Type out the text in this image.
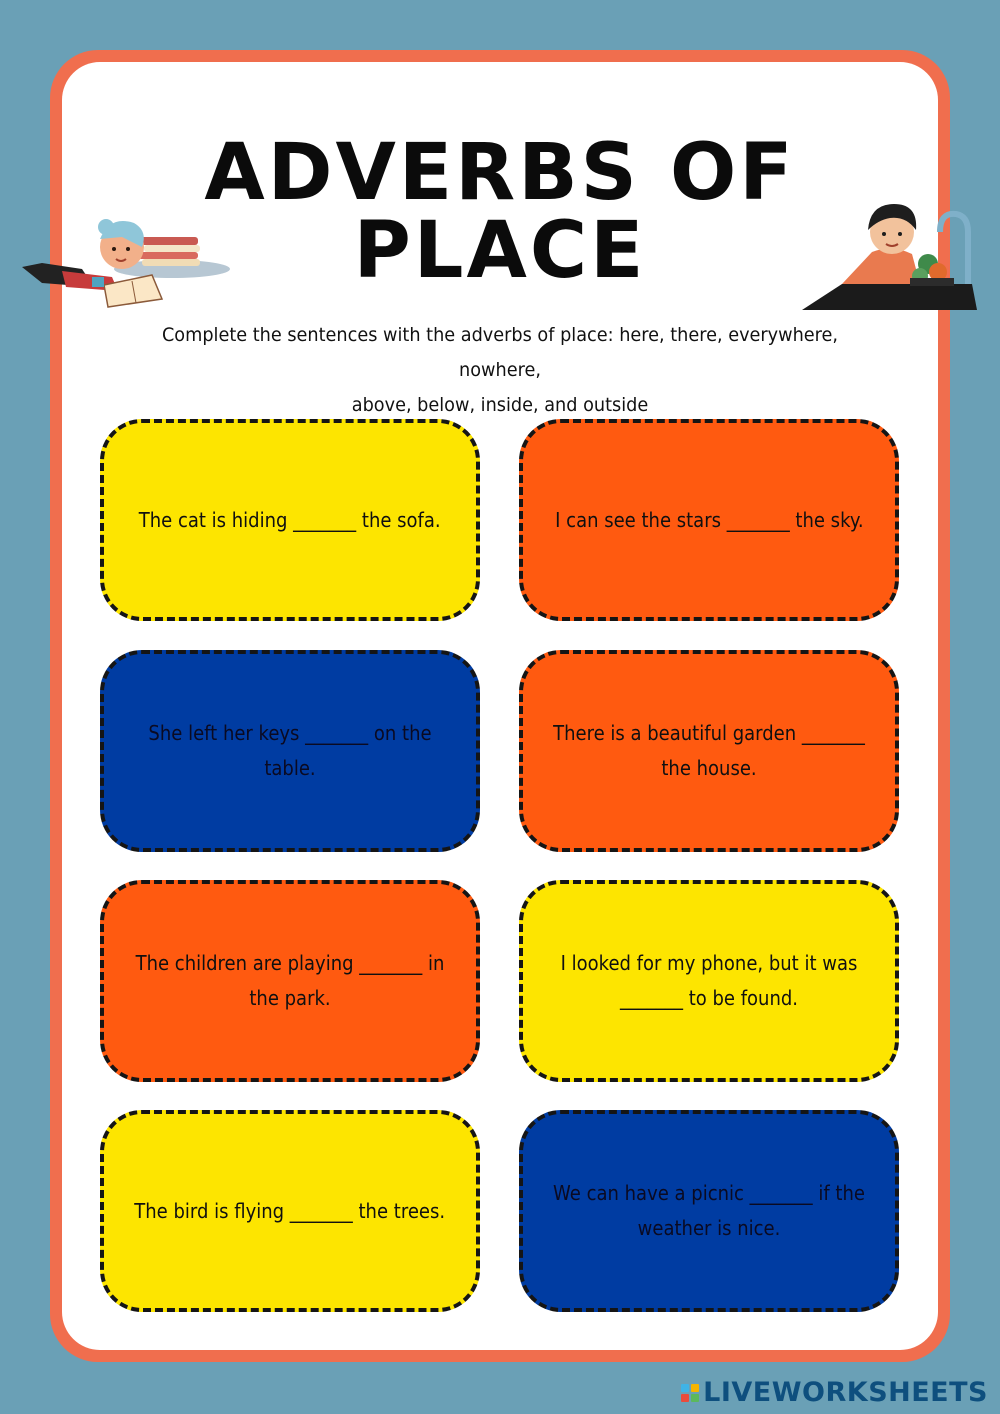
ADVERBS OF PLACE
Complete the sentences with the adverbs of place: here, there, everywhere, nowhere,
above, below, inside, and outside
The cat is hiding _______ the sofa.	I can see the stars _______ the sky.
She left her keys _______ on the table.
There is a beautiful garden _______ the house.
The children are playing _______ in the park.
I looked for my phone, but it was _______ to be found.
The bird is flying _______ the trees.
We can have a picnic _______ if the weather is nice.
LIVEWORKSHEETS
